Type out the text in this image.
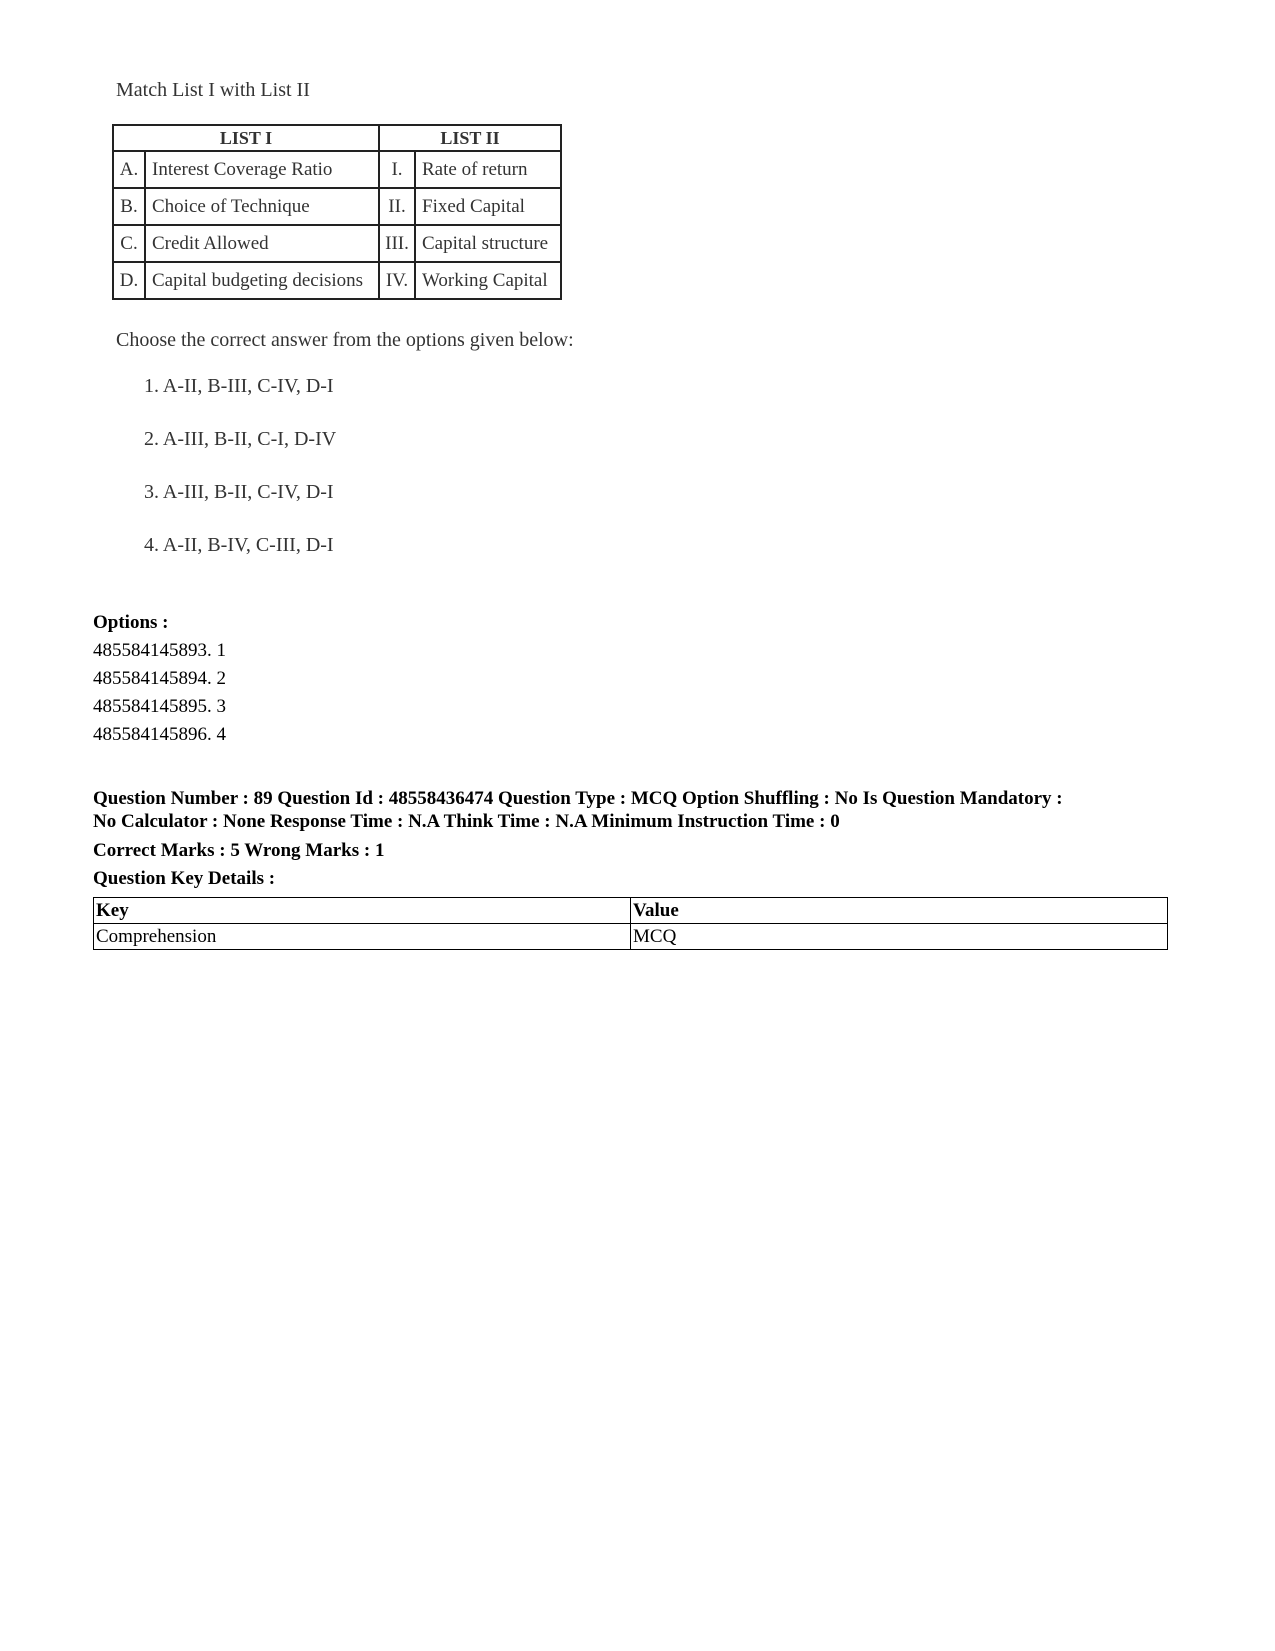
Match List I with List II
LIST I		LIST II	
A.	Interest Coverage Ratio	I.	Rate of return
B.	Choice of Technique	II.	Fixed Capital
C.	Credit Allowed	III.	Capital structure
D.	Capital budgeting decisions	IV.	Working Capital
Choose the correct answer from the options given below:
1. A-II, B-III, C-IV, D-I
2. A-III, B-II, C-I, D-IV
3. A-III, B-II, C-IV, D-I
4. A-II, B-IV, C-III, D-I
Options :
485584145893. 1
485584145894. 2
485584145895. 3
485584145896. 4
Question Number : 89 Question Id : 48558436474 Question Type : MCQ Option Shuffling : No Is Question Mandatory :
No Calculator : None Response Time : N.A Think Time : N.A Minimum Instruction Time : 0
Correct Marks : 5 Wrong Marks : 1
Question Key Details :
Key	Value
Comprehension	MCQ
